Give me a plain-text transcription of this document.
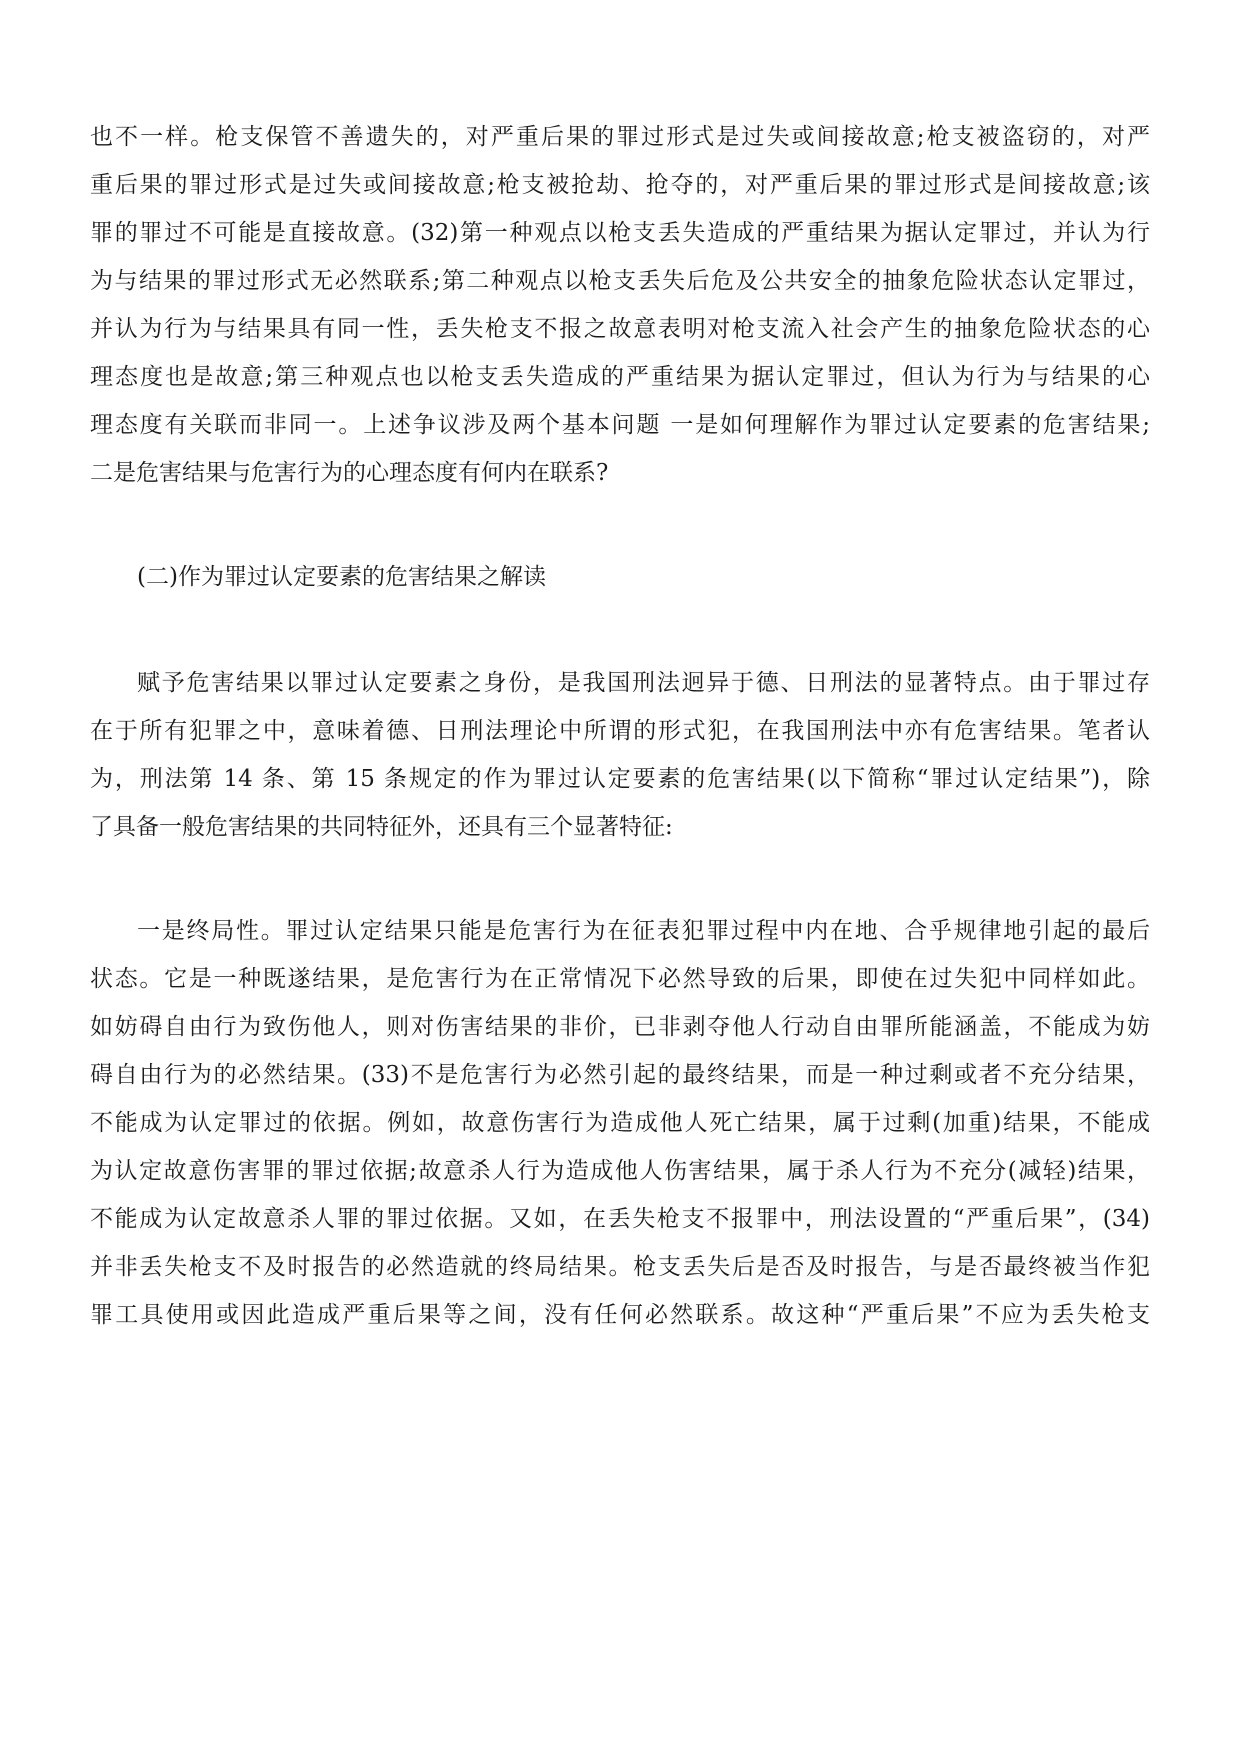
也不一样。枪支保管不善遗失的，对严重后果的罪过形式是过失或间接故意;枪支被盗窃的，对严
重后果的罪过形式是过失或间接故意;枪支被抢劫、抢夺的，对严重后果的罪过形式是间接故意;该
罪的罪过不可能是直接故意。(32)第一种观点以枪支丢失造成的严重结果为据认定罪过，并认为行
为与结果的罪过形式无必然联系;第二种观点以枪支丢失后危及公共安全的抽象危险状态认定罪过，
并认为行为与结果具有同一性，丢失枪支不报之故意表明对枪支流入社会产生的抽象危险状态的心
理态度也是故意;第三种观点也以枪支丢失造成的严重结果为据认定罪过，但认为行为与结果的心
理态度有关联而非同一。上述争议涉及两个基本问题 一是如何理解作为罪过认定要素的危害结果;
二是危害结果与危害行为的心理态度有何内在联系?
(二)作为罪过认定要素的危害结果之解读
赋予危害结果以罪过认定要素之身份，是我国刑法迥异于德、日刑法的显著特点。由于罪过存
在于所有犯罪之中，意味着德、日刑法理论中所谓的形式犯，在我国刑法中亦有危害结果。笔者认
为，刑法第 14 条、第 15 条规定的作为罪过认定要素的危害结果(以下简称“罪过认定结果”)，除
了具备一般危害结果的共同特征外，还具有三个显著特征:
一是终局性。罪过认定结果只能是危害行为在征表犯罪过程中内在地、合乎规律地引起的最后
状态。它是一种既遂结果，是危害行为在正常情况下必然导致的后果，即使在过失犯中同样如此。
如妨碍自由行为致伤他人，则对伤害结果的非价，已非剥夺他人行动自由罪所能涵盖，不能成为妨
碍自由行为的必然结果。(33)不是危害行为必然引起的最终结果，而是一种过剩或者不充分结果，
不能成为认定罪过的依据。例如，故意伤害行为造成他人死亡结果，属于过剩(加重)结果，不能成
为认定故意伤害罪的罪过依据;故意杀人行为造成他人伤害结果，属于杀人行为不充分(减轻)结果，
不能成为认定故意杀人罪的罪过依据。又如，在丢失枪支不报罪中，刑法设置的“严重后果”，(34)
并非丢失枪支不及时报告的必然造就的终局结果。枪支丢失后是否及时报告，与是否最终被当作犯
罪工具使用或因此造成严重后果等之间，没有任何必然联系。故这种“严重后果”不应为丢失枪支
